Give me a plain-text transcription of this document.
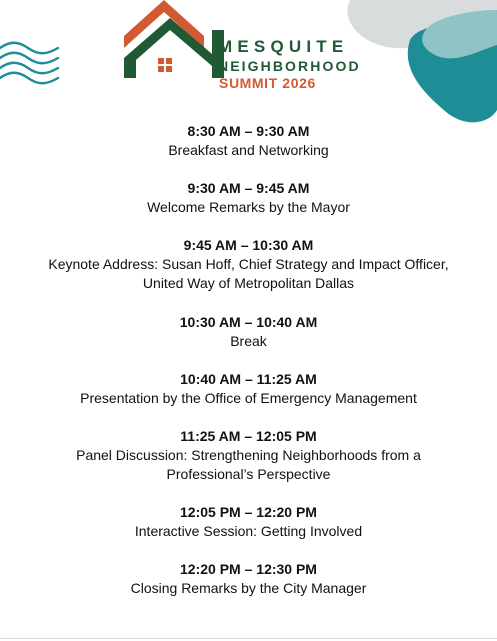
MESQUITE
NEIGHBORHOOD
SUMMIT 2026
8:30 AM – 9:30 AM
Breakfast and Networking
9:30 AM – 9:45 AM
Welcome Remarks by the Mayor
9:45 AM – 10:30 AM
Keynote Address: Susan Hoff, Chief Strategy and Impact Officer,
United Way of Metropolitan Dallas
10:30 AM – 10:40 AM
Break
10:40 AM – 11:25 AM
Presentation by the Office of Emergency Management
11:25 AM – 12:05 PM
Panel Discussion: Strengthening Neighborhoods from a
Professional’s Perspective
12:05 PM – 12:20 PM
Interactive Session: Getting Involved
12:20 PM – 12:30 PM
Closing Remarks by the City Manager
